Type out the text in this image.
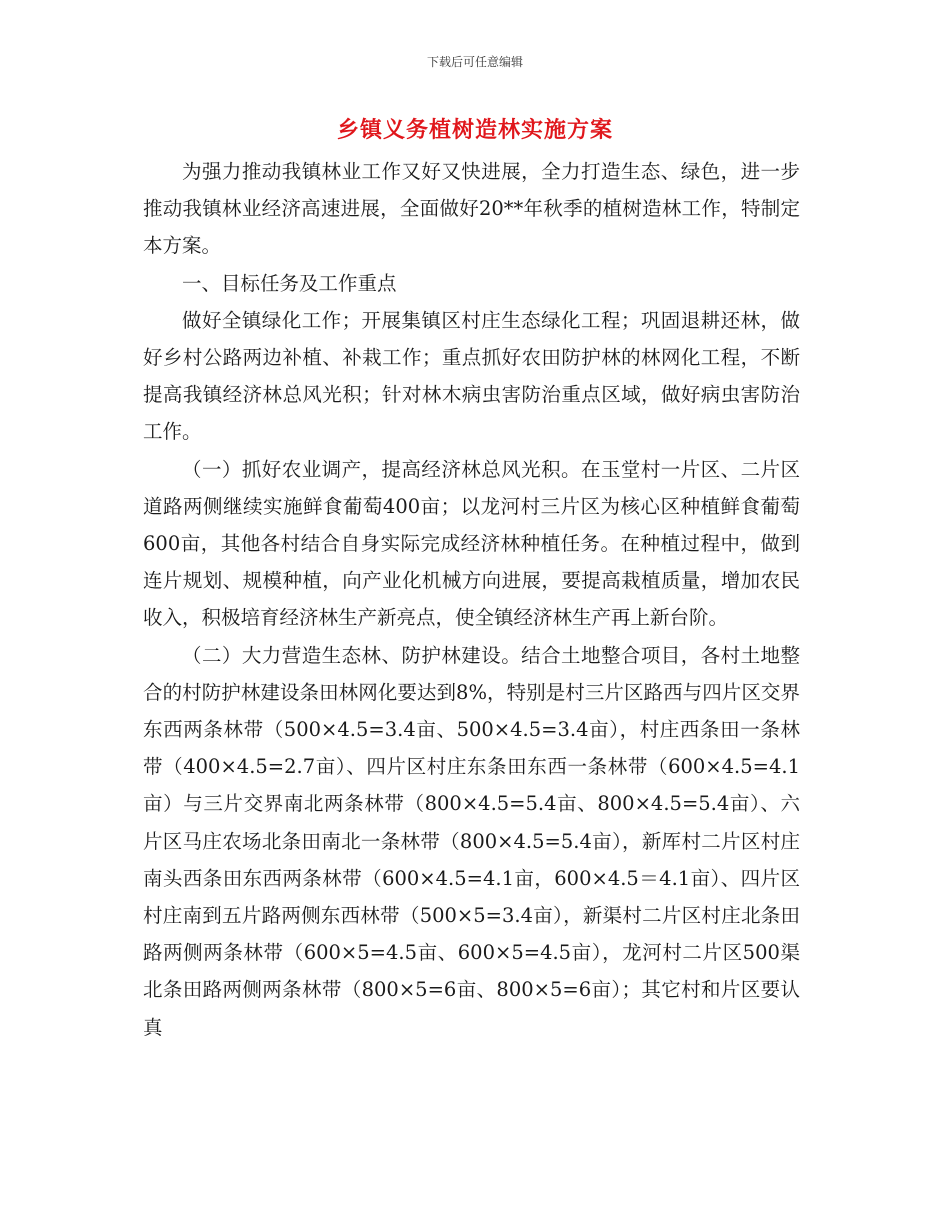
下载后可任意编辑
乡镇义务植树造林实施方案

为强力推动我镇林业工作又好又快进展，全力打造生态、绿色，进一步推动我镇林业经济高速进展，全面做好20**年秋季的植树造林工作，特制定本方案。

一、目标任务及工作重点

做好全镇绿化工作；开展集镇区村庄生态绿化工程；巩固退耕还林，做好乡村公路两边补植、补栽工作；重点抓好农田防护林的林网化工程，不断提高我镇经济林总风光积；针对林木病虫害防治重点区域，做好病虫害防治工作。

（一）抓好农业调产，提高经济林总风光积。在玉堂村一片区、二片区道路两侧继续实施鲜食葡萄400亩；以龙河村三片区为核心区种植鲜食葡萄600亩，其他各村结合自身实际完成经济林种植任务。在种植过程中，做到连片规划、规模种植，向产业化机械方向进展，要提高栽植质量，增加农民收入，积极培育经济林生产新亮点，使全镇经济林生产再上新台阶。

（二）大力营造生态林、防护林建设。结合土地整合项目，各村土地整合的村防护林建设条田林网化要达到8%，特别是村三片区路西与四片区交界东西两条林带（500×4.5=3.4亩、500×4.5=3.4亩），村庄西条田一条林带（400×4.5=2.7亩）、四片区村庄东条田东西一条林带（600×4.5=4.1亩）与三片交界南北两条林带（800×4.5=5.4亩、800×4.5=5.4亩）、六片区马庄农场北条田南北一条林带（800×4.5=5.4亩），新厍村二片区村庄南头西条田东西两条林带（600×4.5=4.1亩，600×4.5＝4.1亩）、四片区村庄南到五片路两侧东西林带（500×5=3.4亩），新渠村二片区村庄北条田路两侧两条林带（600×5=4.5亩、600×5=4.5亩），龙河村二片区500渠北条田路两侧两条林带（800×5=6亩、800×5=6亩）；其它村和片区要认真
